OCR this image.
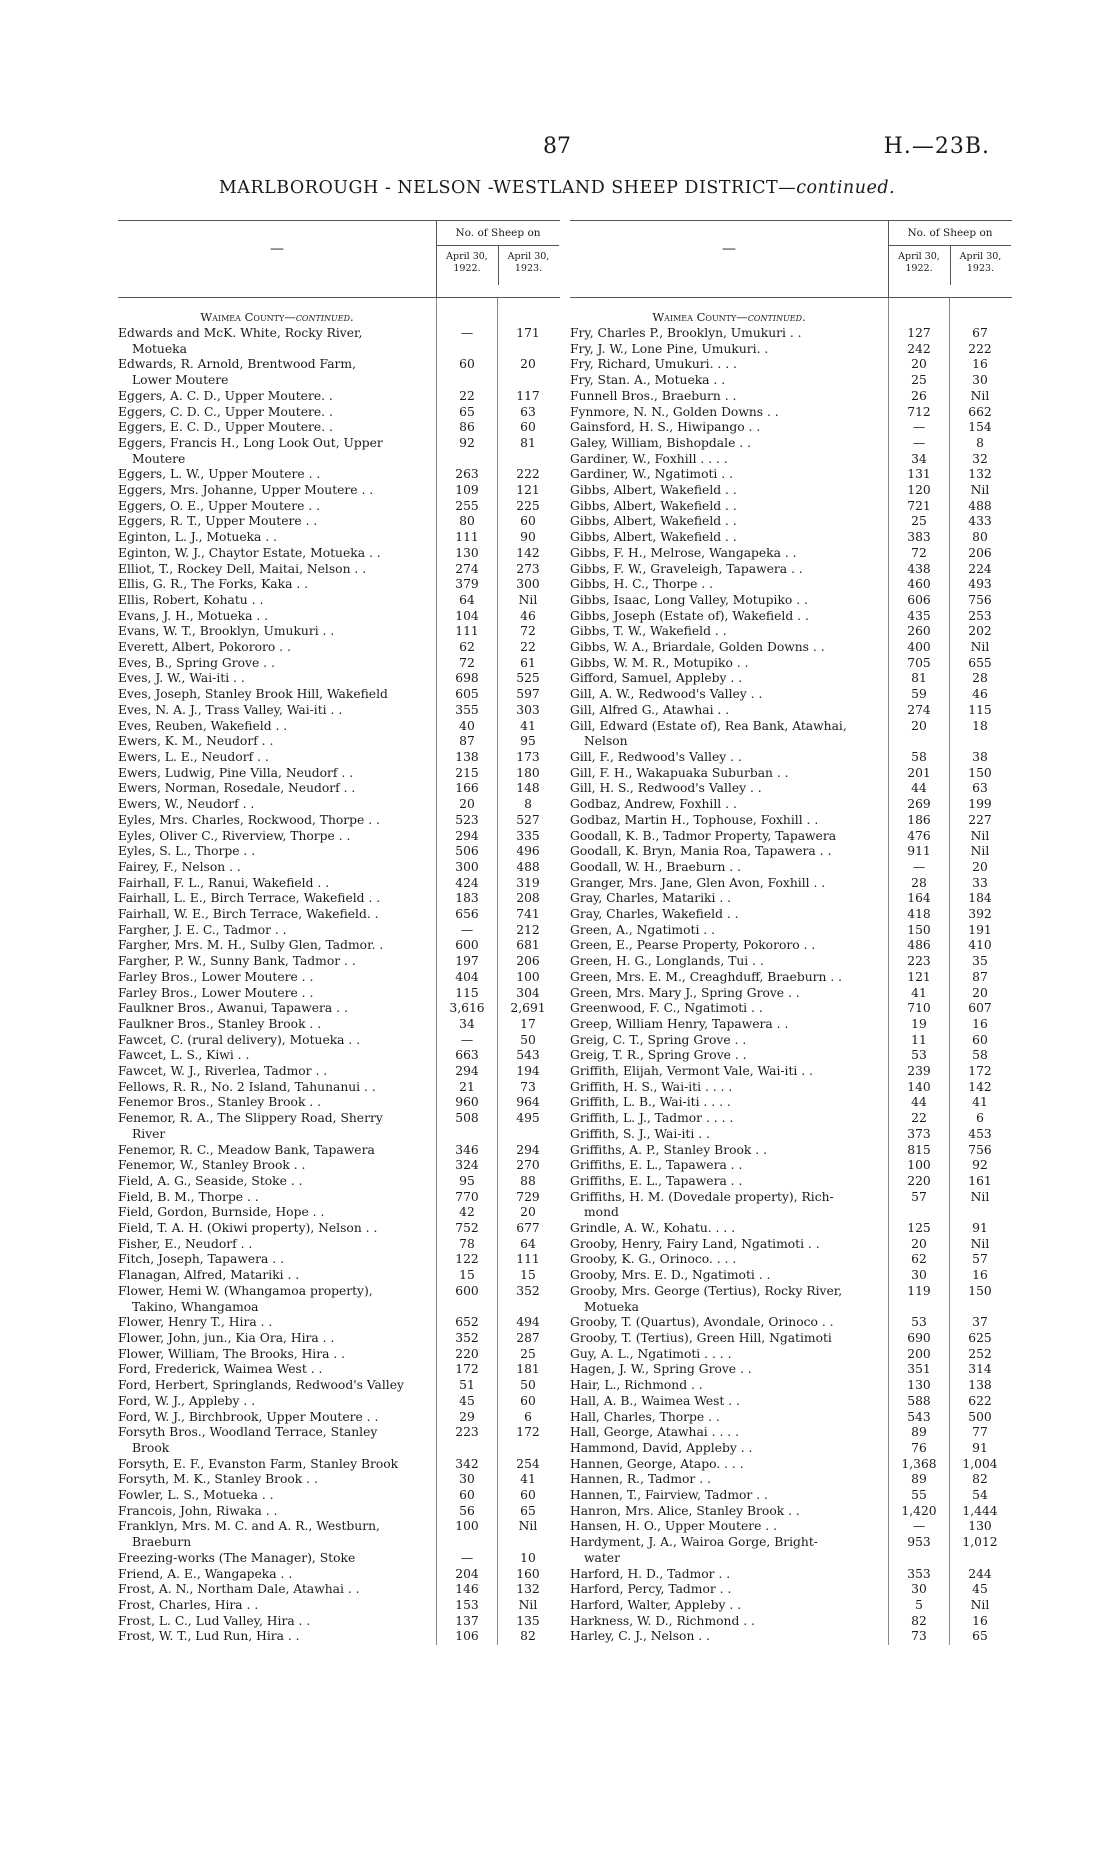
87	H.—23B.
MARLBOROUGH - NELSON -WESTLAND SHEEP DISTRICT—continued.
—
No. of Sheep on
April 30, 1922.
April 30, 1923.
Waimea County—continued.
Edwards and McK. White, Rocky River,	—	171
Motueka
Edwards, R. Arnold, Brentwood Farm,	60	20
Lower Moutere
Eggers, A. C. D., Upper Moutere. .	22	117
Eggers, C. D. C., Upper Moutere. .	65	63
Eggers, E. C. D., Upper Moutere. .	86	60
Eggers, Francis H., Long Look Out, Upper	92	81
Moutere
Eggers, L. W., Upper Moutere . .	263	222
Eggers, Mrs. Johanne, Upper Moutere . .	109	121
Eggers, O. E., Upper Moutere . .	255	225
Eggers, R. T., Upper Moutere . .	80	60
Eginton, L. J., Motueka . .	111	90
Eginton, W. J., Chaytor Estate, Motueka . .	130	142
Elliot, T., Rockey Dell, Maitai, Nelson . .	274	273
Ellis, G. R., The Forks, Kaka . .	379	300
Ellis, Robert, Kohatu . .	64	Nil
Evans, J. H., Motueka . .	104	46
Evans, W. T., Brooklyn, Umukuri . .	111	72
Everett, Albert, Pokororo . .	62	22
Eves, B., Spring Grove . .	72	61
Eves, J. W., Wai-iti . .	698	525
Eves, Joseph, Stanley Brook Hill, Wakefield	605	597
Eves, N. A. J., Trass Valley, Wai-iti . .	355	303
Eves, Reuben, Wakefield . .	40	41
Ewers, K. M., Neudorf . .	87	95
Ewers, L. E., Neudorf . .	138	173
Ewers, Ludwig, Pine Villa, Neudorf . .	215	180
Ewers, Norman, Rosedale, Neudorf . .	166	148
Ewers, W., Neudorf . .	20	8
Eyles, Mrs. Charles, Rockwood, Thorpe . .	523	527
Eyles, Oliver C., Riverview, Thorpe . .	294	335
Eyles, S. L., Thorpe . .	506	496
Fairey, F., Nelson . .	300	488
Fairhall, F. L., Ranui, Wakefield . .	424	319
Fairhall, L. E., Birch Terrace, Wakefield . .	183	208
Fairhall, W. E., Birch Terrace, Wakefield. .	656	741
Fargher, J. E. C., Tadmor . .	—	212
Fargher, Mrs. M. H., Sulby Glen, Tadmor. .	600	681
Fargher, P. W., Sunny Bank, Tadmor . .	197	206
Farley Bros., Lower Moutere . .	404	100
Farley Bros., Lower Moutere . .	115	304
Faulkner Bros., Awanui, Tapawera . .	3,616	2,691
Faulkner Bros., Stanley Brook . .	34	17
Fawcet, C. (rural delivery), Motueka . .	—	50
Fawcet, L. S., Kiwi . .	663	543
Fawcet, W. J., Riverlea, Tadmor . .	294	194
Fellows, R. R., No. 2 Island, Tahunanui . .	21	73
Fenemor Bros., Stanley Brook . .	960	964
Fenemor, R. A., The Slippery Road, Sherry	508	495
River
Fenemor, R. C., Meadow Bank, Tapawera	346	294
Fenemor, W., Stanley Brook . .	324	270
Field, A. G., Seaside, Stoke . .	95	88
Field, B. M., Thorpe . .	770	729
Field, Gordon, Burnside, Hope . .	42	20
Field, T. A. H. (Okiwi property), Nelson . .	752	677
Fisher, E., Neudorf . .	78	64
Fitch, Joseph, Tapawera . .	122	111
Flanagan, Alfred, Matariki . .	15	15
Flower, Hemi W. (Whangamoa property),	600	352
Takino, Whangamoa
Flower, Henry T., Hira . .	652	494
Flower, John, jun., Kia Ora, Hira . .	352	287
Flower, William, The Brooks, Hira . .	220	25
Ford, Frederick, Waimea West . .	172	181
Ford, Herbert, Springlands, Redwood's Valley	51	50
Ford, W. J., Appleby . .	45	60
Ford, W. J., Birchbrook, Upper Moutere . .	29	6
Forsyth Bros., Woodland Terrace, Stanley	223	172
Brook
Forsyth, E. F., Evanston Farm, Stanley Brook	342	254
Forsyth, M. K., Stanley Brook . .	30	41
Fowler, L. S., Motueka . .	60	60
Francois, John, Riwaka . .	56	65
Franklyn, Mrs. M. C. and A. R., Westburn,	100	Nil
Braeburn
Freezing-works (The Manager), Stoke	—	10
Friend, A. E., Wangapeka . .	204	160
Frost, A. N., Northam Dale, Atawhai . .	146	132
Frost, Charles, Hira . .	153	Nil
Frost, L. C., Lud Valley, Hira . .	137	135
Frost, W. T., Lud Run, Hira . .	106	82
—
No. of Sheep on
April 30, 1922.
April 30, 1923.
Waimea County—continued.
Fry, Charles P., Brooklyn, Umukuri . .	127	67
Fry, J. W., Lone Pine, Umukuri. .	242	222
Fry, Richard, Umukuri. . . .	20	16
Fry, Stan. A., Motueka . .	25	30
Funnell Bros., Braeburn . .	26	Nil
Fynmore, N. N., Golden Downs . .	712	662
Gainsford, H. S., Hiwipango . .	—	154
Galey, William, Bishopdale . .	—	8
Gardiner, W., Foxhill . . . .	34	32
Gardiner, W., Ngatimoti . .	131	132
Gibbs, Albert, Wakefield . .	120	Nil
Gibbs, Albert, Wakefield . .	721	488
Gibbs, Albert, Wakefield . .	25	433
Gibbs, Albert, Wakefield . .	383	80
Gibbs, F. H., Melrose, Wangapeka . .	72	206
Gibbs, F. W., Graveleigh, Tapawera . .	438	224
Gibbs, H. C., Thorpe . .	460	493
Gibbs, Isaac, Long Valley, Motupiko . .	606	756
Gibbs, Joseph (Estate of), Wakefield . .	435	253
Gibbs, T. W., Wakefield . .	260	202
Gibbs, W. A., Briardale, Golden Downs . .	400	Nil
Gibbs, W. M. R., Motupiko . .	705	655
Gifford, Samuel, Appleby . .	81	28
Gill, A. W., Redwood's Valley . .	59	46
Gill, Alfred G., Atawhai . .	274	115
Gill, Edward (Estate of), Rea Bank, Atawhai,	20	18
Nelson
Gill, F., Redwood's Valley . .	58	38
Gill, F. H., Wakapuaka Suburban . .	201	150
Gill, H. S., Redwood's Valley . .	44	63
Godbaz, Andrew, Foxhill . .	269	199
Godbaz, Martin H., Tophouse, Foxhill . .	186	227
Goodall, K. B., Tadmor Property, Tapawera	476	Nil
Goodall, K. Bryn, Mania Roa, Tapawera . .	911	Nil
Goodall, W. H., Braeburn . .	—	20
Granger, Mrs. Jane, Glen Avon, Foxhill . .	28	33
Gray, Charles, Matariki . .	164	184
Gray, Charles, Wakefield . .	418	392
Green, A., Ngatimoti . .	150	191
Green, E., Pearse Property, Pokororo . .	486	410
Green, H. G., Longlands, Tui . .	223	35
Green, Mrs. E. M., Creaghduff, Braeburn . .	121	87
Green, Mrs. Mary J., Spring Grove . .	41	20
Greenwood, F. C., Ngatimoti . .	710	607
Greep, William Henry, Tapawera . .	19	16
Greig, C. T., Spring Grove . .	11	60
Greig, T. R., Spring Grove . .	53	58
Griffith, Elijah, Vermont Vale, Wai-iti . .	239	172
Griffith, H. S., Wai-iti . . . .	140	142
Griffith, L. B., Wai-iti . . . .	44	41
Griffith, L. J., Tadmor . . . .	22	6
Griffith, S. J., Wai-iti . .	373	453
Griffiths, A. P., Stanley Brook . .	815	756
Griffiths, E. L., Tapawera . .	100	92
Griffiths, E. L., Tapawera . .	220	161
Griffiths, H. M. (Dovedale property), Rich-	57	Nil
mond
Grindle, A. W., Kohatu. . . .	125	91
Grooby, Henry, Fairy Land, Ngatimoti . .	20	Nil
Grooby, K. G., Orinoco. . . .	62	57
Grooby, Mrs. E. D., Ngatimoti . .	30	16
Grooby, Mrs. George (Tertius), Rocky River,	119	150
Motueka
Grooby, T. (Quartus), Avondale, Orinoco . .	53	37
Grooby, T. (Tertius), Green Hill, Ngatimoti	690	625
Guy, A. L., Ngatimoti . . . .	200	252
Hagen, J. W., Spring Grove . .	351	314
Hair, L., Richmond . .	130	138
Hall, A. B., Waimea West . .	588	622
Hall, Charles, Thorpe . .	543	500
Hall, George, Atawhai . . . .	89	77
Hammond, David, Appleby . .	76	91
Hannen, George, Atapo. . . .	1,368	1,004
Hannen, R., Tadmor . .	89	82
Hannen, T., Fairview, Tadmor . .	55	54
Hanron, Mrs. Alice, Stanley Brook . .	1,420	1,444
Hansen, H. O., Upper Moutere . .	—	130
Hardyment, J. A., Wairoa Gorge, Bright-	953	1,012
water
Harford, H. D., Tadmor . .	353	244
Harford, Percy, Tadmor . .	30	45
Harford, Walter, Appleby . .	5	Nil
Harkness, W. D., Richmond . .	82	16
Harley, C. J., Nelson . .	73	65
